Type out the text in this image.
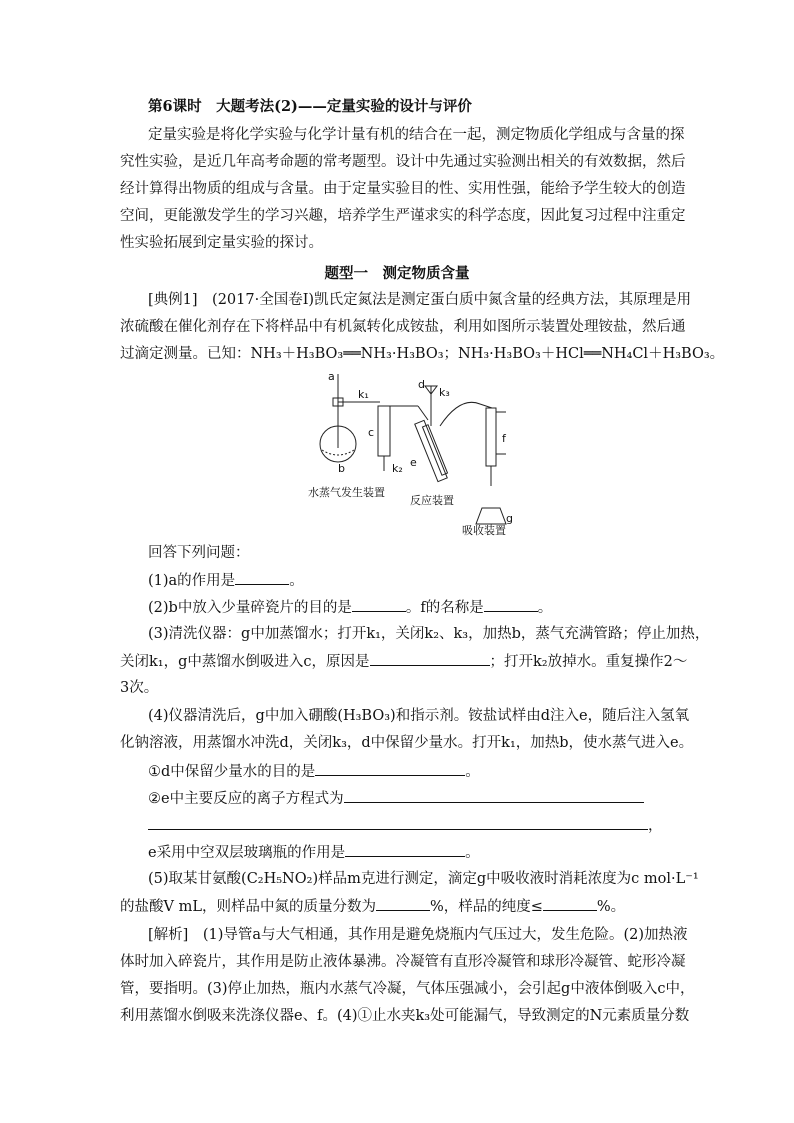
第6课时　大题考法(2)——定量实验的设计与评价
定量实验是将化学实验与化学计量有机的结合在一起，测定物质化学组成与含量的探
究性实验，是近几年高考命题的常考题型。设计中先通过实验测出相关的有效数据，然后
经计算得出物质的组成与含量。由于定量实验目的性、实用性强，能给予学生较大的创造
空间，更能激发学生的学习兴趣，培养学生严谨求实的科学态度，因此复习过程中注重定
性实验拓展到定量实验的探讨。
题型一　测定物质含量
[典例1]　(2017·全国卷Ⅰ)凯氏定氮法是测定蛋白质中氮含量的经典方法，其原理是用
浓硫酸在催化剂存在下将样品中有机氮转化成铵盐，利用如图所示装置处理铵盐，然后通
过滴定测量。已知：NH₃＋H₃BO₃══NH₃·H₃BO₃；NH₃·H₃BO₃＋HCl══NH₄Cl＋H₃BO₃。
a
b
c
d
e
f
g
k₁
k₂
k₃
水蒸气发生装置
反应装置
吸收装置
回答下列问题：
(1)a的作用是	。
(2)b中放入少量碎瓷片的目的是	。f的名称是	。
(3)清洗仪器：g中加蒸馏水；打开k₁，关闭k₂、k₃，加热b，蒸气充满管路；停止加热，
关闭k₁，g中蒸馏水倒吸进入c，原因是	；打开k₂放掉水。重复操作2～
3次。
(4)仪器清洗后，g中加入硼酸(H₃BO₃)和指示剂。铵盐试样由d注入e，随后注入氢氧
化钠溶液，用蒸馏水冲洗d，关闭k₃，d中保留少量水。打开k₁，加热b，使水蒸气进入e。
①d中保留少量水的目的是	。
②e中主要反应的离子方程式为
，
e采用中空双层玻璃瓶的作用是	。
(5)取某甘氨酸(C₂H₅NO₂)样品m克进行测定，滴定g中吸收液时消耗浓度为c mol·L⁻¹
的盐酸V mL，则样品中氮的质量分数为	%，样品的纯度≤	%。
[解析]　(1)导管a与大气相通，其作用是避免烧瓶内气压过大，发生危险。(2)加热液
体时加入碎瓷片，其作用是防止液体暴沸。冷凝管有直形冷凝管和球形冷凝管、蛇形冷凝
管，要指明。(3)停止加热，瓶内水蒸气冷凝，气体压强减小，会引起g中液体倒吸入c中，
利用蒸馏水倒吸来洗涤仪器e、f。(4)①止水夹k₃处可能漏气，导致测定的N元素质量分数
